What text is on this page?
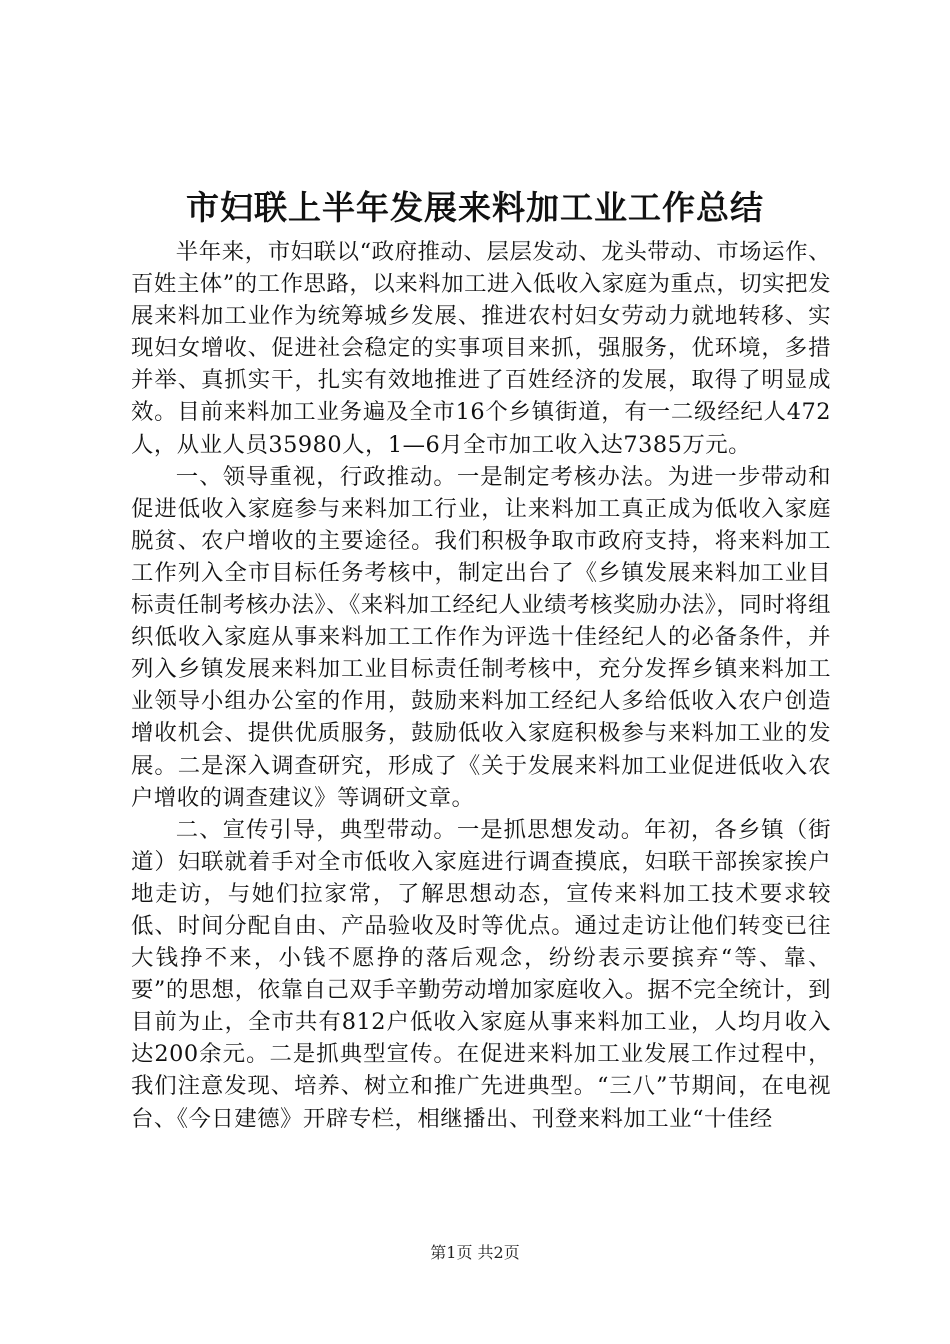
市妇联上半年发展来料加工业工作总结

半年来，市妇联以“政府推动、层层发动、龙头带动、市场运作、百姓主体”的工作思路，以来料加工进入低收入家庭为重点，切实把发展来料加工业作为统筹城乡发展、推进农村妇女劳动力就地转移、实现妇女增收、促进社会稳定的实事项目来抓，强服务，优环境，多措并举、真抓实干，扎实有效地推进了百姓经济的发展，取得了明显成效。目前来料加工业务遍及全市16个乡镇街道，有一二级经纪人472人，从业人员35980人，1—6月全市加工收入达7385万元。

一、领导重视，行政推动。一是制定考核办法。为进一步带动和促进低收入家庭参与来料加工行业，让来料加工真正成为低收入家庭脱贫、农户增收的主要途径。我们积极争取市政府支持，将来料加工工作列入全市目标任务考核中，制定出台了《乡镇发展来料加工业目标责任制考核办法》、《来料加工经纪人业绩考核奖励办法》，同时将组织低收入家庭从事来料加工工作作为评选十佳经纪人的必备条件，并列入乡镇发展来料加工业目标责任制考核中，充分发挥乡镇来料加工业领导小组办公室的作用，鼓励来料加工经纪人多给低收入农户创造增收机会、提供优质服务，鼓励低收入家庭积极参与来料加工业的发展。二是深入调查研究，形成了《关于发展来料加工业促进低收入农户增收的调查建议》等调研文章。

二、宣传引导，典型带动。一是抓思想发动。年初，各乡镇（街道）妇联就着手对全市低收入家庭进行调查摸底，妇联干部挨家挨户地走访，与她们拉家常，了解思想动态，宣传来料加工技术要求较低、时间分配自由、产品验收及时等优点。通过走访让他们转变已往大钱挣不来，小钱不愿挣的落后观念，纷纷表示要摈弃“等、靠、要”的思想，依靠自己双手辛勤劳动增加家庭收入。据不完全统计，到目前为止，全市共有812户低收入家庭从事来料加工业，人均月收入达200余元。二是抓典型宣传。在促进来料加工业发展工作过程中，我们注意发现、培养、树立和推广先进典型。“三八”节期间，在电视台、《今日建德》开辟专栏，相继播出、刊登来料加工业“十佳经

第1页 共2页
